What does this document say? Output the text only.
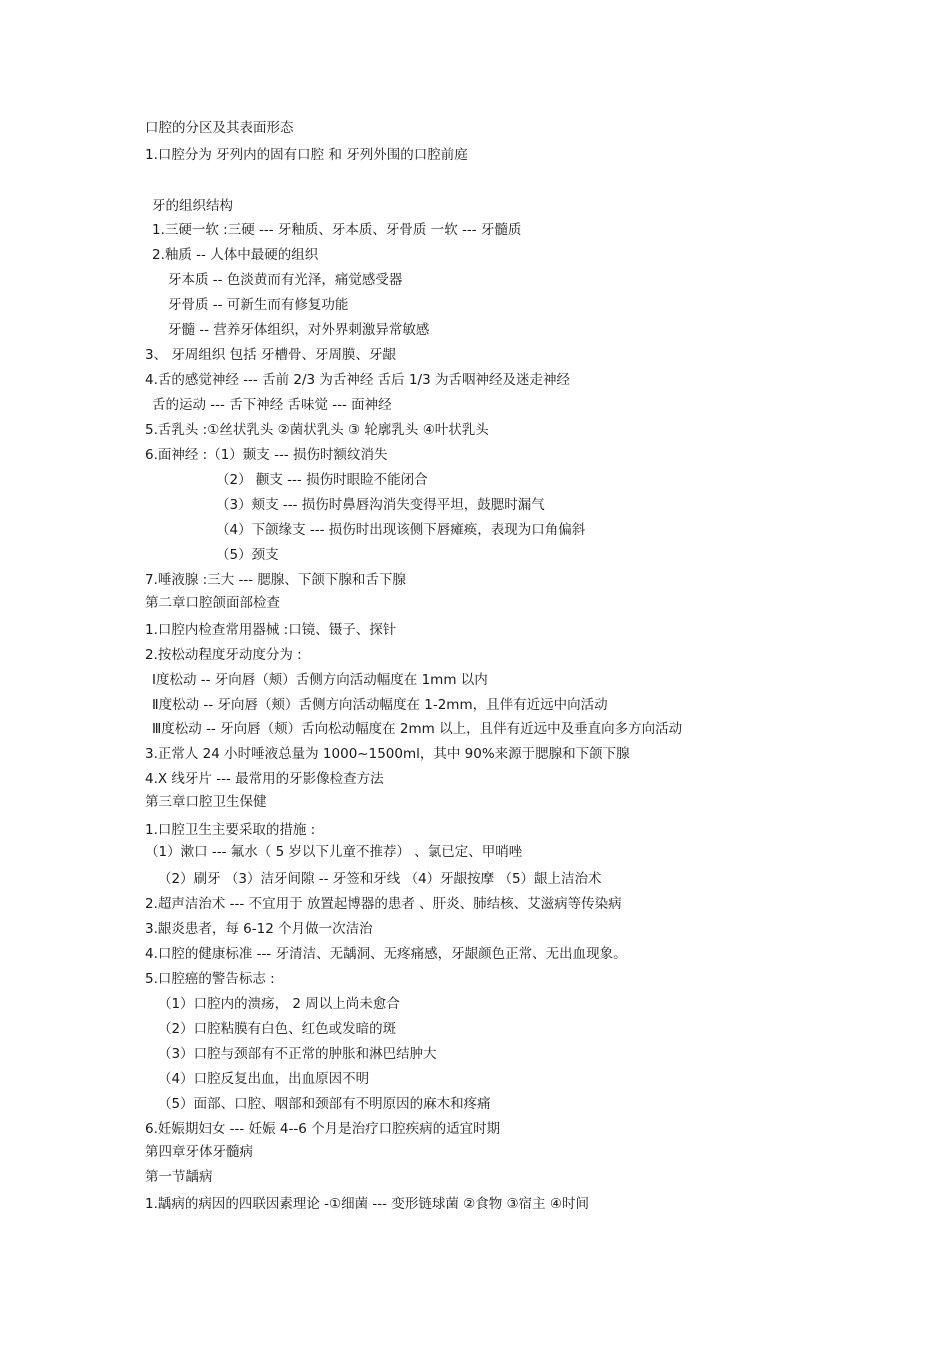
口腔的分区及其表面形态
1.口腔分为 牙列内的固有口腔 和 牙列外围的口腔前庭
牙的组织结构
1.三硬一软 :三硬 --- 牙釉质、牙本质、牙骨质 一软 --- 牙髓质
2.釉质 -- 人体中最硬的组织
牙本质 -- 色淡黄而有光泽，痛觉感受器
牙骨质 -- 可新生而有修复功能
牙髓 -- 营养牙体组织，对外界刺激异常敏感
3、 牙周组织 包括 牙槽骨、牙周膜、牙龈
4.舌的感觉神经 --- 舌前 2/3 为舌神经 舌后 1/3 为舌咽神经及迷走神经
舌的运动 --- 舌下神经 舌味觉 --- 面神经
5.舌乳头 :①丝状乳头 ②菌状乳头 ③ 轮廓乳头 ④叶状乳头
6.面神经 :（1）颞支 --- 损伤时额纹消失
（2） 颧支 --- 损伤时眼睑不能闭合
（3）颊支 --- 损伤时鼻唇沟消失变得平坦，鼓腮时漏气
（4）下颌缘支 --- 损伤时出现该侧下唇瘫痪，表现为口角偏斜
（5）颈支
7.唾液腺 :三大 --- 腮腺、下颌下腺和舌下腺
第二章口腔颌面部检查
1.口腔内检查常用器械 :口镜、镊子、探针
2.按松动程度牙动度分为 :
Ⅰ度松动 -- 牙向唇（颊）舌侧方向活动幅度在 1mm 以内
Ⅱ度松动 -- 牙向唇（颊）舌侧方向活动幅度在 1-2mm，且伴有近远中向活动
Ⅲ度松动 -- 牙向唇（颊）舌向松动幅度在 2mm 以上，且伴有近远中及垂直向多方向活动
3.正常人 24 小时唾液总量为 1000~1500ml，其中 90%来源于腮腺和下颌下腺
4.X 线牙片 --- 最常用的牙影像检查方法
第三章口腔卫生保健
1.口腔卫生主要采取的措施 :
（1）漱口 --- 氟水（ 5 岁以下儿童不推荐） 、氯已定、甲哨唑
（2）刷牙 （3）洁牙间隙 -- 牙签和牙线 （4）牙龈按摩 （5）龈上洁治术
2.超声洁治术 --- 不宜用于 放置起博器的患者 、肝炎、肺结核、艾滋病等传染病
3.龈炎患者，每 6-12 个月做一次洁治
4.口腔的健康标准 --- 牙清洁、无龋洞、无疼痛感，牙龈颜色正常、无出血现象。
5.口腔癌的警告标志 :
（1）口腔内的溃疡， 2 周以上尚未愈合
（2）口腔粘膜有白色、红色或发暗的斑
（3）口腔与颈部有不正常的肿胀和淋巴结肿大
（4）口腔反复出血，出血原因不明
（5）面部、口腔、咽部和颈部有不明原因的麻木和疼痛
6.妊娠期妇女 --- 妊娠 4--6 个月是治疗口腔疾病的适宜时期
第四章牙体牙髓病
第一节龋病
1.龋病的病因的四联因素理论 -①细菌 --- 变形链球菌 ②食物 ③宿主 ④时间
